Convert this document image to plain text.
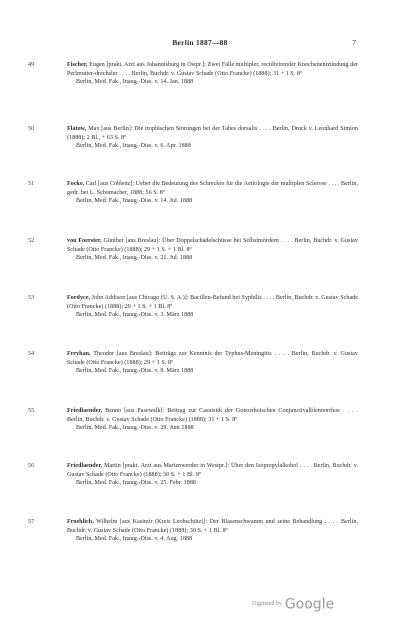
Berlin 1887—88	7
49	Fischer, Eugen [prakt. Arzt aus Johannisburg in Ostpr.]: Zwei Fälle multipler, recidivirender Knochenentzündung der Perlmutter-drechsler . . . . Berlin, Buchdr. v. Gustav Schade (Otto Francke) (1888); 31 + 1 S. 8º
Berlin, Med. Fak., Inaug.-Diss. v. 14. Jan. 1888
50	Flatow, Max [aus Berlin]: Die trophischen Störungen bei der Tabes dorsalis . . . . Berlin, Druck v. Leonhard Simion (1888); 2 Bl., + 63 S. 8º
Berlin, Med. Fak., Inaug.-Diss. v. 6. Apr. 1888
51	Focke, Carl [aus Coblenz]: Ueber die Bedeutung des Schreckes für die Aetiologie der multiplen Sclerose . . . . Berlin, gedr. bei L. Schumacher, 1888; 56 S. 8º
Berlin, Med. Fak., Inaug.-Diss. v. 14. Jul. 1888
52	von Foerster, Günther [aus Breslau]: Über Doppelschädelschüsse bei Selbstmördern . . . . Berlin, Buchdr. v. Gustav Schade (Otto Francke) (1888); 29 + 1 S. + 1 Bl. 8º
Berlin, Med. Fak., Inaug.-Diss. v. 21. Jul. 1888
53	Fordyce, John Addison [aus Chicago (U. S. A.)]: Bacillen-Befund bei Syphilis . . . . Berlin, Buchdr. v. Gustav Schade (Otto Francke) (1888); 29 + 1 S. + 1 Bl. 8º
Berlin, Med. Fak., Inaug.-Diss. v. 3. März 1888
54	Freyhan, Theodor [aus Breslau]: Beiträge zur Kenntnis der Typhus-Meningitis . . . . Berlin, Buchdr. v. Gustav Schade (Otto Francke) (1888); 29 + 1 S. 8º
Berlin, Med. Fak., Inaug.-Diss. v. 8. März 1888
55	Friedlaender, Benno [aus Pasewalk]: Beitrag zur Casuistik der Gonorrhoischen Conjunctivalblennorrhoe . . . . Berlin, Buchdr. v. Gustav Schade (Otto Francke) (1888); 31 + 1 S. 8º
Berlin, Med. Fak., Inaug.-Diss. v. 29. Juni 1888
56	Friedlaender, Martin [prakt. Arzt aus Marienwerder in Westpr.]: Über den Isopropylalkohol . . . . Berlin, Buchdr. v. Gustav Schade (Otto Francke) (1888); 30 S. + 1 Bl. 8º
Berlin, Med. Fak., Inaug.-Diss. v. 25. Febr. 1888
57	Froehlich, Wilhelm [aus Kasimir (Kreis Leobschütz)]: Der Blasenschwamm und seine Behandlung . . . . Berlin, Buchdr. v. Gustav Schade (Otto Francke) (1888); 30 S. + 1 Bl. 8º
Berlin, Med. Fak., Inaug.-Diss. v. 4. Aug. 1888
Digitized by Google
